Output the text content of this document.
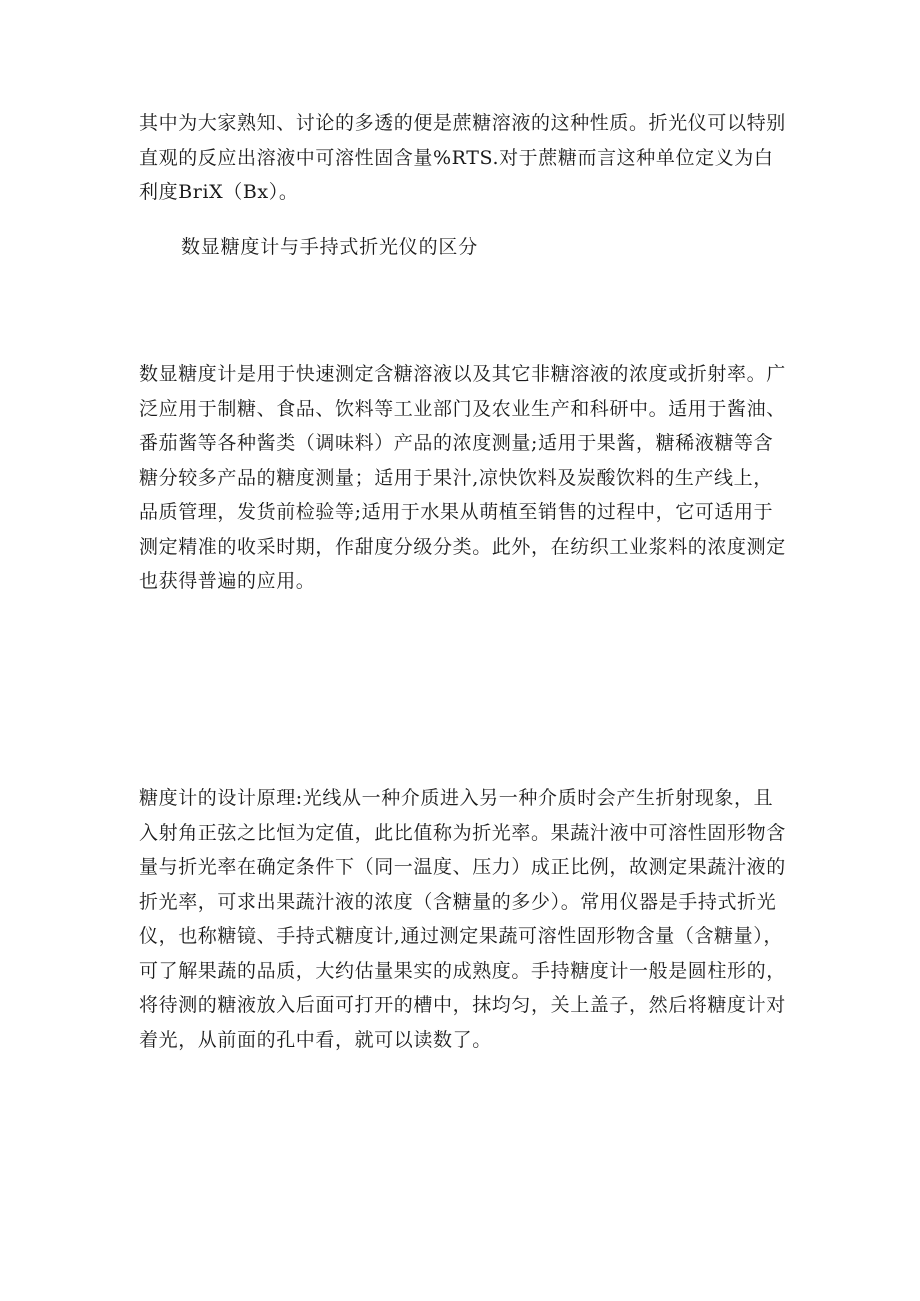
其中为大家熟知、讨论的多透的便是蔗糖溶液的这种性质。折光仪可以特别
直观的反应出溶液中可溶性固含量%RTS.对于蔗糖而言这种单位定义为白
利度BriX（Bx）。
数显糖度计与手持式折光仪的区分
数显糖度计是用于快速测定含糖溶液以及其它非糖溶液的浓度或折射率。广
泛应用于制糖、食品、饮料等工业部门及农业生产和科研中。适用于酱油、
番茄酱等各种酱类（调味料）产品的浓度测量;适用于果酱，糖稀液糖等含
糖分较多产品的糖度测量；适用于果汁,凉快饮料及炭酸饮料的生产线上，
品质管理，发货前检验等;适用于水果从萌植至销售的过程中，它可适用于
测定精准的收采时期，作甜度分级分类。此外，在纺织工业浆料的浓度测定
也获得普遍的应用。
糖度计的设计原理:光线从一种介质进入另一种介质时会产生折射现象，且
入射角正弦之比恒为定值，此比值称为折光率。果蔬汁液中可溶性固形物含
量与折光率在确定条件下（同一温度、压力）成正比例，故测定果蔬汁液的
折光率，可求出果蔬汁液的浓度（含糖量的多少）。常用仪器是手持式折光
仪，也称糖镜、手持式糖度计,通过测定果蔬可溶性固形物含量（含糖量），
可了解果蔬的品质，大约估量果实的成熟度。手持糖度计一般是圆柱形的，
将待测的糖液放入后面可打开的槽中，抹均匀，关上盖子，然后将糖度计对
着光，从前面的孔中看，就可以读数了。
